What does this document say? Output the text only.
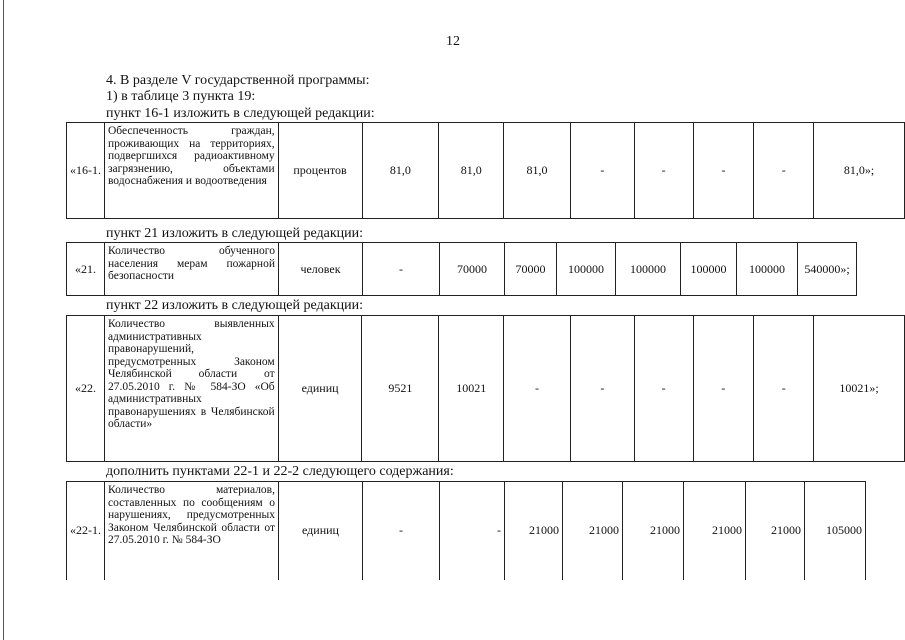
12
4. В разделе V государственной программы:
1) в таблице 3 пункта 19:
пункт 16-1 изложить в следующей редакции:
«16-1.	Обеспеченность граждан, проживающих на территориях, подвергшихся радиоактивному загрязнению, объектами водоснабжения и водоотведения	процентов	81,0	81,0	81,0	-	-	-	-	81,0»;
пункт 21 изложить в следующей редакции:
«21.	Количество обученного населения мерам пожарной безопасности	человек	-	70000	70000	100000	100000	100000	100000	540000»;
пункт 22 изложить в следующей редакции:
«22.	Количество выявленных административных правонарушений, предусмотренных Законом Челябинской области от 27.05.2010 г. № 584-ЗО «Об административных правонарушениях в Челябинской области»	единиц	9521	10021	-	-	-	-	-	10021»;
дополнить пунктами 22-1 и 22-2 следующего содержания:
«22-1.	Количество материалов, составленных по сообщениям о нарушениях, предусмотренных Законом Челябинской области от 27.05.2010 г. № 584-ЗО	единиц	-	-	21000	21000	21000	21000	21000	105000
